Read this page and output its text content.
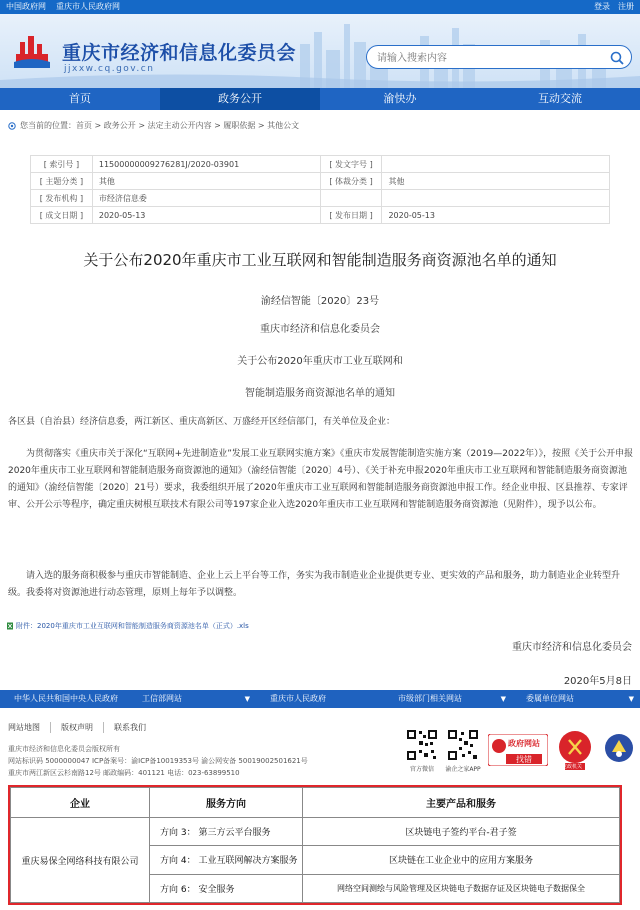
中国政府网 重庆市人民政府网	登录 注册
重庆市经济和信息化委员会
jjxxw.cq.gov.cn
请输入搜索内容
首页	政务公开	渝快办	互动交流
您当前的位置：首页 > 政务公开 > 法定主动公开内容 > 履职依据 > 其他公文
[ 索引号 ]	11500000009276281J/2020-03901	[ 发文字号 ]	
[ 主题分类 ]	其他	[ 体裁分类 ]	其他
[ 发布机构 ]	市经济信息委		
[ 成文日期 ]	2020-05-13	[ 发布日期 ]	2020-05-13
关于公布2020年重庆市工业互联网和智能制造服务商资源池名单的通知
渝经信智能〔2020〕23号
重庆市经济和信息化委员会
关于公布2020年重庆市工业互联网和
智能制造服务商资源池名单的通知
各区县（自治县）经济信息委，两江新区、重庆高新区、万盛经开区经信部门，有关单位及企业：
为贯彻落实《重庆市关于深化“互联网+先进制造业”发展工业互联网实施方案》《重庆市发展智能制造实施方案（2019—2022年）》，按照《关于公开申报2020年重庆市工业互联网和智能制造服务商资源池的通知》（渝经信智能〔2020〕4号）、《关于补充申报2020年重庆市工业互联网和智能制造服务商资源池的通知》（渝经信智能〔2020〕21号）要求，我委组织开展了2020年重庆市工业互联网和智能制造服务商资源池申报工作。经企业申报、区县推荐、专家评审、公开公示等程序，确定重庆树根互联技术有限公司等197家企业入选2020年重庆市工业互联网和智能制造服务商资源池（见附件），现予以公布。
请入选的服务商积极参与重庆市智能制造、企业上云上平台等工作，务实为我市制造业企业提供更专业、更实效的产品和服务，助力制造业企业转型升级。我委将对资源池进行动态管理，原则上每年予以调整。
附件：2020年重庆市工业互联网和智能制造服务商资源池名单（正式）.xls
重庆市经济和信息化委员会
2020年5月8日
中华人民共和国中央人民政府	工信部网站	▼	重庆市人民政府	市级部门相关网站	▼	委属单位网站	▼
网站地图	版权声明	联系我们
重庆市经济和信息化委员会版权所有
网站标识码 5000000047 ICP备案号：渝ICP备10019353号 渝公网安备 50019002501621号
重庆市两江新区云杉南路12号 邮政编码：401121 电话：023-63899510	官方微信	渝企之家APP
政府网站
找错
党政机关
企业	服务方向	主要产品和服务
重庆易保全网络科技有限公司	方向 3： 第三方云平台服务	区块链电子签约平台-君子签
	方向 4： 工业互联网解决方案服务	区块链在工业企业中的应用方案服务
	方向 6： 安全服务	网络空间测绘与风险管理及区块链电子数据存证及区块链电子数据保全
